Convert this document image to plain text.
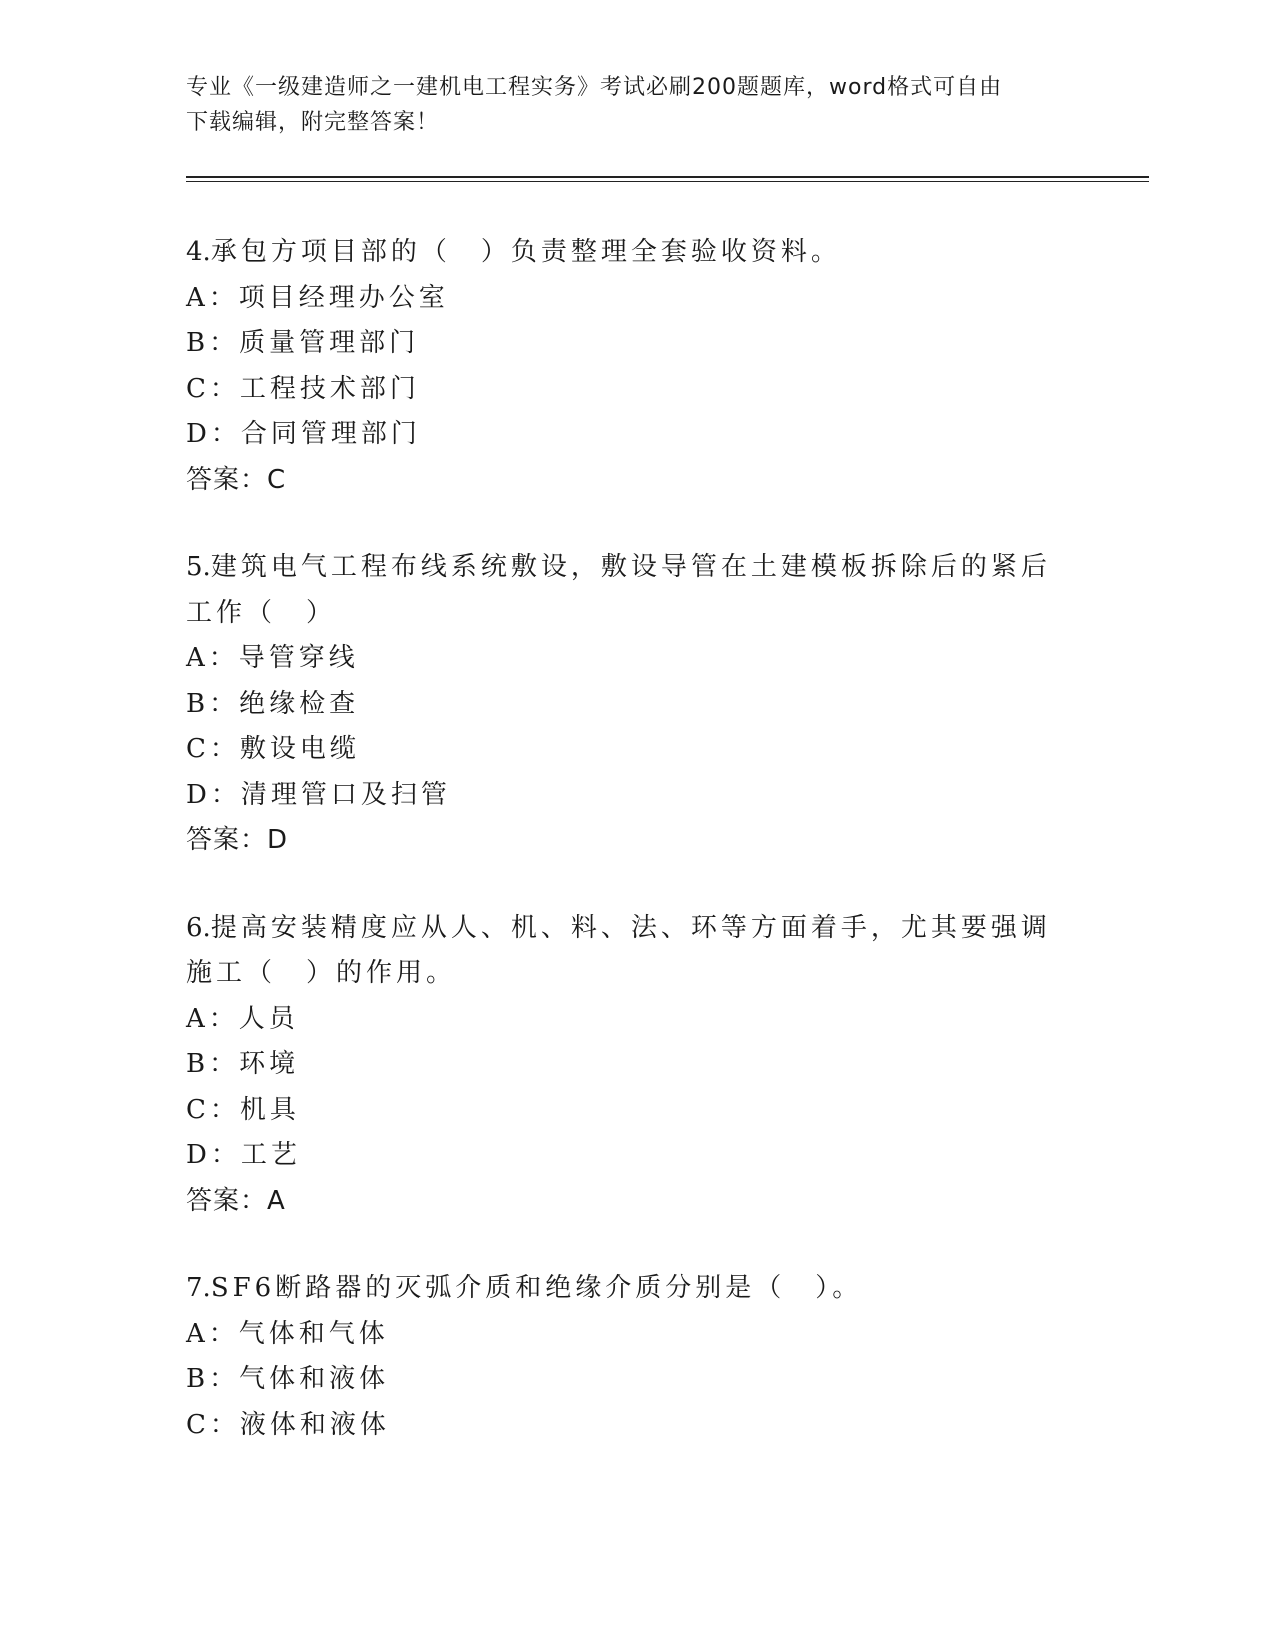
专业《一级建造师之一建机电工程实务》考试必刷200题题库，word格式可自由
下载编辑，附完整答案！
4.承包方项目部的（　）负责整理全套验收资料。
A：项目经理办公室
B：质量管理部门
C：工程技术部门
D：合同管理部门
答案：C
5.建筑电气工程布线系统敷设，敷设导管在土建模板拆除后的紧后工作（　）
A：导管穿线
B：绝缘检查
C：敷设电缆
D：清理管口及扫管
答案：D
6.提高安装精度应从人、机、料、法、环等方面着手，尤其要强调施工（　）的作用。
A：人员
B：环境
C：机具
D：工艺
答案：A
7.SF6断路器的灭弧介质和绝缘介质分别是（　）。
A：气体和气体
B：气体和液体
C：液体和液体
